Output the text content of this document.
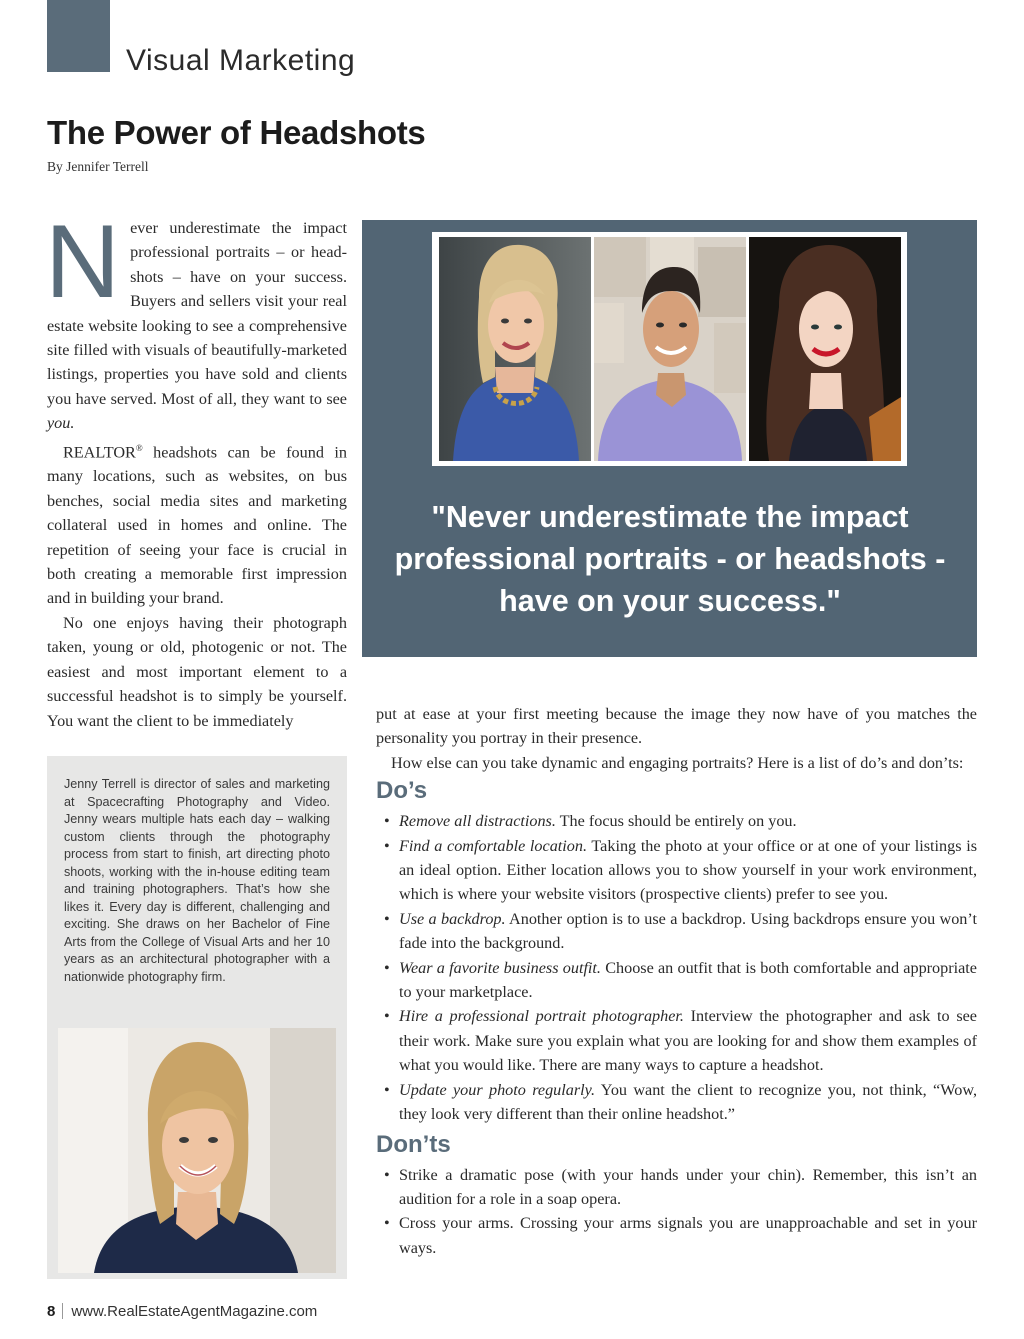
Visual Marketing
The Power of Headshots
By Jennifer Terrell

Never underestimate the impact professional portraits – or headshots – have on your success. Buyers and sellers visit your real estate website looking to see a comprehensive site filled with visuals of beautifully-marketed listings, properties you have sold and clients you have served. Most of all, they want to see you.

REALTOR® headshots can be found in many locations, such as websites, on bus benches, social media sites and marketing collateral used in homes and online. The repetition of seeing your face is crucial in both creating a memorable first impression and in building your brand.

No one enjoys having their photograph taken, young or old, photogenic or not. The easiest and most important element to a successful headshot is to simply be yourself. You want the client to be immediately

"Never underestimate the impact professional portraits - or headshots - have on your success."

put at ease at your first meeting because the image they now have of you matches the personality you portray in their presence.

How else can you take dynamic and engaging portraits? Here is a list of do’s and don’ts:

Do’s
• Remove all distractions. The focus should be entirely on you.
• Find a comfortable location. Taking the photo at your office or at one of your listings is an ideal option. Either location allows you to show yourself in your work environment, which is where your website visitors (prospective clients) prefer to see you.
• Use a backdrop. Another option is to use a backdrop. Using backdrops ensure you won’t fade into the background.
• Wear a favorite business outfit. Choose an outfit that is both comfortable and appropriate to your marketplace.
• Hire a professional portrait photographer. Interview the photographer and ask to see their work. Make sure you explain what you are looking for and show them examples of what you would like. There are many ways to capture a headshot.
• Update your photo regularly. You want the client to recognize you, not think, “Wow, they look very different than their online headshot.”
Don’ts
• Strike a dramatic pose (with your hands under your chin). Remember, this isn’t an audition for a role in a soap opera.
• Cross your arms. Crossing your arms signals you are unapproachable and set in your ways.
Jenny Terrell is director of sales and marketing at Spacecrafting Photography and Video. Jenny wears multiple hats each day – walking custom clients through the photography process from start to finish, art directing photo shoots, working with the in-house editing team and training photographers. That’s how she likes it. Every day is different, challenging and exciting. She draws on her Bachelor of Fine Arts from the College of Visual Arts and her 10 years as an architectural photographer with a nationwide photography firm.
8 www.RealEstateAgentMagazine.com
